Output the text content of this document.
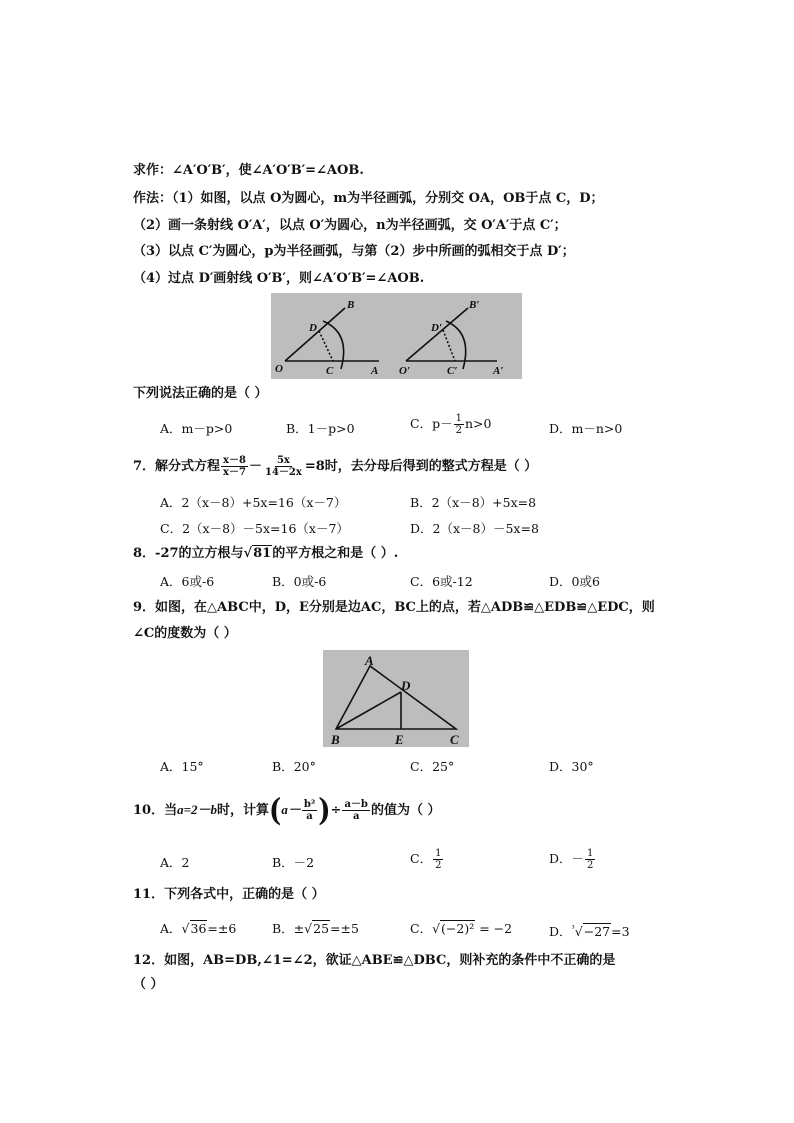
求作：∠A′O′B′，使∠A′O′B′=∠AOB.
作法：（1）如图，以点 O为圆心，m为半径画弧，分别交 OA，OB于点 C，D；
（2）画一条射线 O′A′，以点 O′为圆心，n为半径画弧，交 O′A′于点 C′；
（3）以点 C′为圆心，p为半径画弧，与第（2）步中所画的弧相交于点 D′；
（4）过点 D′画射线 O′B′，则∠A′O′B′=∠AOB.
B
D
O	C	A
B′
D′
O′	C′	A′
下列说法正确的是（ ）
A．m－p>0	B．1－p>0	C．$p- \frac{1}{2} n>0$	D．m－n>0
7．解分式方程 $\frac{x-8}{x-7} - \frac{5x}{14-2x} =8$时，去分母后得到的整式方程是（ ）
A．2（x－8）+5x=16（x－7）	B．2（x－8）+5x=8
C．2（x－8）－5x=16（x－7）	D．2（x－8）－5x=8
8．-27的立方根与√81的平方根之和是（ ）.
A．6或-6	B．0或-6	C．6或-12	D．0或6
9．如图，在△ABC中，D，E分别是边AC，BC上的点，若△ADB≌△EDB≌△EDC，则
∠C的度数为（ ）
A
D
B	E	C
A．15°	B．20°	C．25°	D．30°
10．当a=2－b时，计算($a- \frac{\text{b²}}{a}$ )÷ $\frac{a-b}{a}$ 的值为（ ）
A．2	B．－2	C． $\frac{1}{2}$	D．－ $\frac{1}{2}$
11．下列各式中，正确的是（ ）
A．√36=±6	B．±√25=±5	C．√(−2)² = −2	D．$^{^3}$√−27=3
12．如图，AB=DB,∠1=∠2，欲证△ABE≌△DBC，则补充的条件中不正确的是
（ ）
